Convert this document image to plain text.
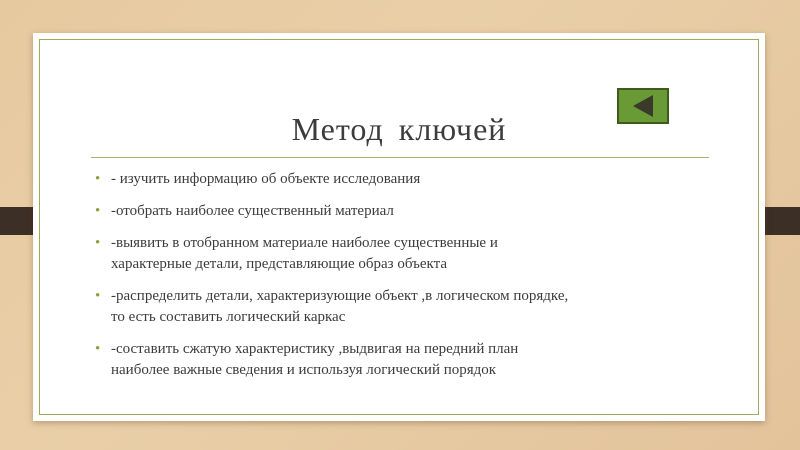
Метод ключей
• - изучить информацию об объекте исследования
• -отобрать наиболее существенный материал
• -выявить в отобранном материале наиболее существенные и
характерные детали, представляющие образ объекта
• -распределить детали, характеризующие объект ,в логическом порядке,
то есть составить логический каркас
• -составить сжатую характеристику ,выдвигая на передний план
наиболее важные сведения и используя логический порядок
